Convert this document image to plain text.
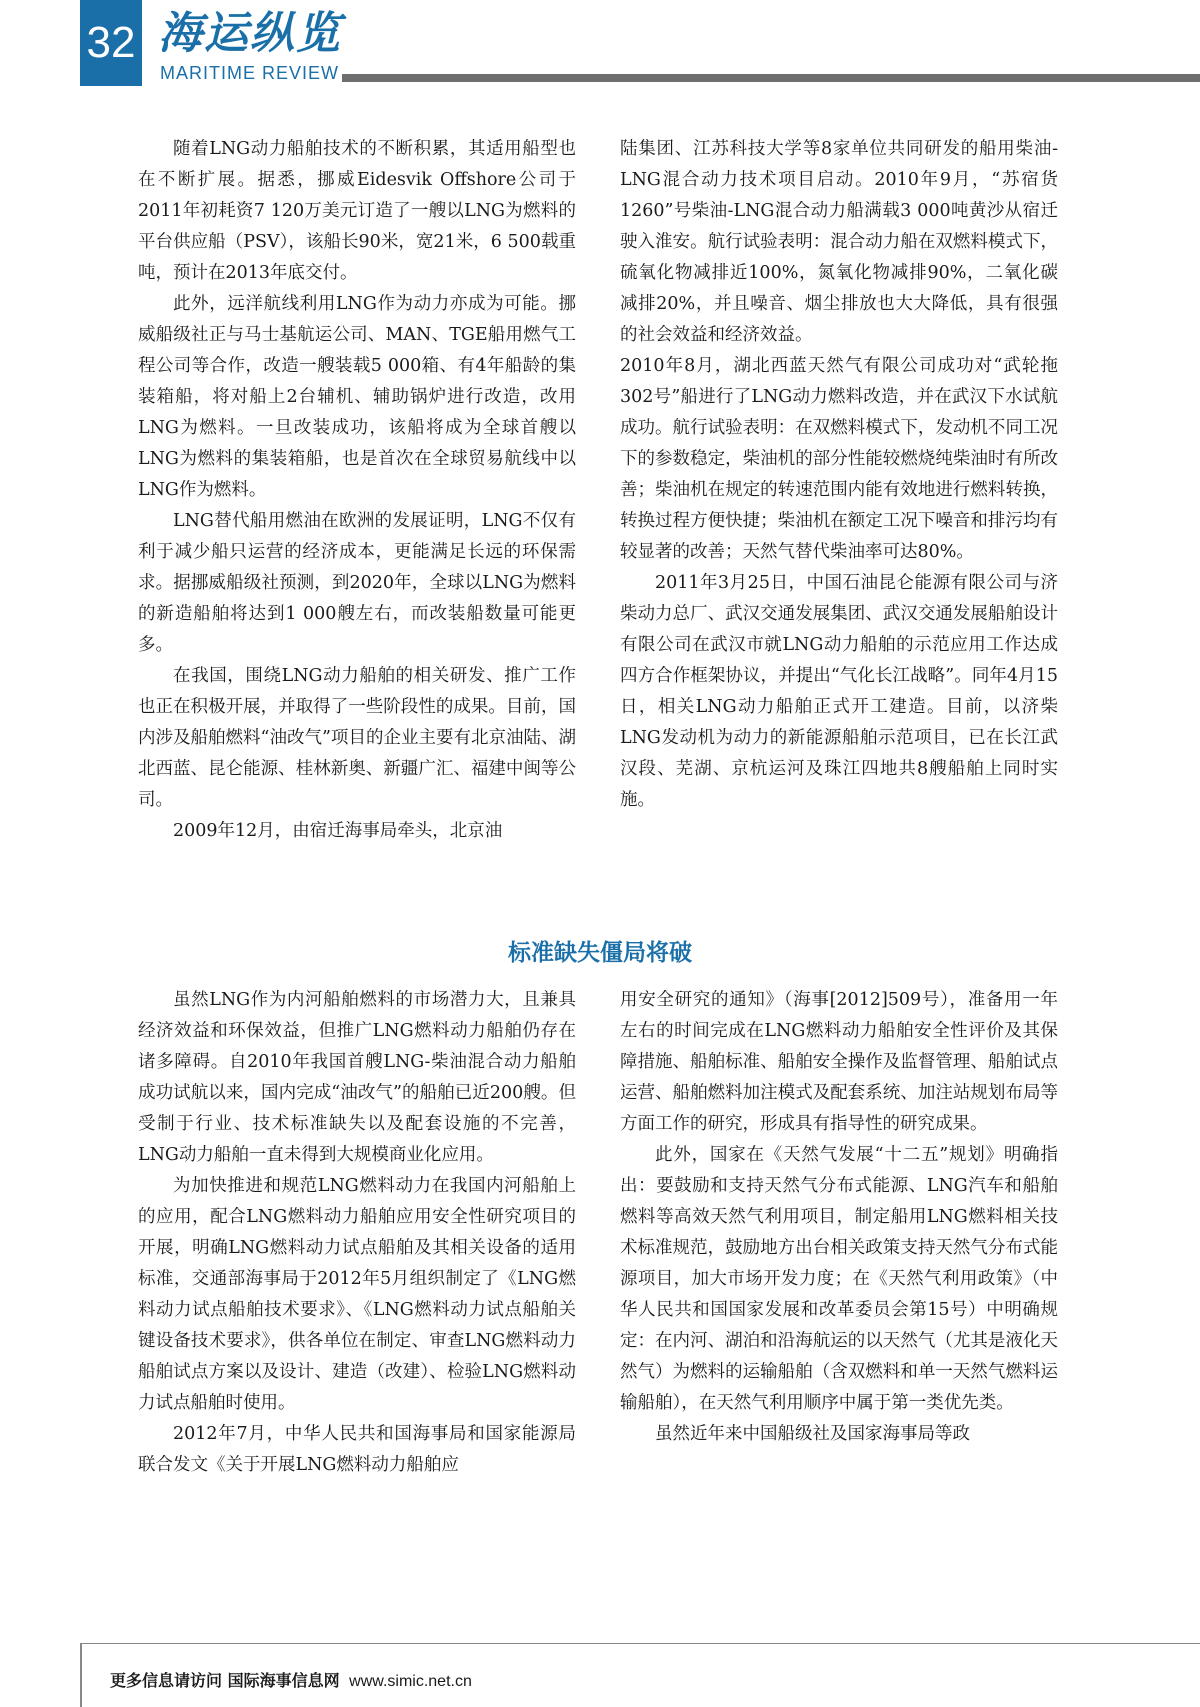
32 海运纵览
MARITIME REVIEW

随着LNG动力船舶技术的不断积累，其适用船型也在不断扩展。据悉，挪威Eidesvik Offshore公司于2011年初耗资7 120万美元订造了一艘以LNG为燃料的平台供应船（PSV），该船长90米，宽21米，6 500载重吨，预计在2013年底交付。

此外，远洋航线利用LNG作为动力亦成为可能。挪威船级社正与马士基航运公司、MAN、TGE船用燃气工程公司等合作，改造一艘装载5 000箱、有4年船龄的集装箱船，将对船上2台辅机、辅助锅炉进行改造，改用LNG为燃料。一旦改装成功，该船将成为全球首艘以LNG为燃料的集装箱船，也是首次在全球贸易航线中以LNG作为燃料。

LNG替代船用燃油在欧洲的发展证明，LNG不仅有利于减少船只运营的经济成本，更能满足长远的环保需求。据挪威船级社预测，到2020年，全球以LNG为燃料的新造船舶将达到1 000艘左右，而改装船数量可能更多。

在我国，围绕LNG动力船舶的相关研发、推广工作也正在积极开展，并取得了一些阶段性的成果。目前，国内涉及船舶燃料“油改气”项目的企业主要有北京油陆、湖北西蓝、昆仑能源、桂林新奥、新疆广汇、福建中闽等公司。

2009年12月，由宿迁海事局牵头，北京油

陆集团、江苏科技大学等8家单位共同研发的船用柴油-LNG混合动力技术项目启动。2010年9月，“苏宿货1260”号柴油-LNG混合动力船满载3 000吨黄沙从宿迁驶入淮安。航行试验表明：混合动力船在双燃料模式下，硫氧化物减排近100%，氮氧化物减排90%，二氧化碳减排20%，并且噪音、烟尘排放也大大降低，具有很强的社会效益和经济效益。

2010年8月，湖北西蓝天然气有限公司成功对“武轮拖302号”船进行了LNG动力燃料改造，并在武汉下水试航成功。航行试验表明：在双燃料模式下，发动机不同工况下的参数稳定，柴油机的部分性能较燃烧纯柴油时有所改善；柴油机在规定的转速范围内能有效地进行燃料转换，转换过程方便快捷；柴油机在额定工况下噪音和排污均有较显著的改善；天然气替代柴油率可达80%。

2011年3月25日，中国石油昆仑能源有限公司与济柴动力总厂、武汉交通发展集团、武汉交通发展船舶设计有限公司在武汉市就LNG动力船舶的示范应用工作达成四方合作框架协议，并提出“气化长江战略”。同年4月15日，相关LNG动力船舶正式开工建造。目前，以济柴LNG发动机为动力的新能源船舶示范项目，已在长江武汉段、芜湖、京杭运河及珠江四地共8艘船舶上同时实施。

标准缺失僵局将破

虽然LNG作为内河船舶燃料的市场潜力大，且兼具经济效益和环保效益，但推广LNG燃料动力船舶仍存在诸多障碍。自2010年我国首艘LNG-柴油混合动力船舶成功试航以来，国内完成“油改气”的船舶已近200艘。但受制于行业、技术标准缺失以及配套设施的不完善，LNG动力船舶一直未得到大规模商业化应用。

为加快推进和规范LNG燃料动力在我国内河船舶上的应用，配合LNG燃料动力船舶应用安全性研究项目的开展，明确LNG燃料动力试点船舶及其相关设备的适用标准，交通部海事局于2012年5月组织制定了《LNG燃料动力试点船舶技术要求》、《LNG燃料动力试点船舶关键设备技术要求》，供各单位在制定、审查LNG燃料动力船舶试点方案以及设计、建造（改建）、检验LNG燃料动力试点船舶时使用。

2012年7月，中华人民共和国海事局和国家能源局联合发文《关于开展LNG燃料动力船舶应

用安全研究的通知》（海事[2012]509号），准备用一年左右的时间完成在LNG燃料动力船舶安全性评价及其保障措施、船舶标准、船舶安全操作及监督管理、船舶试点运营、船舶燃料加注模式及配套系统、加注站规划布局等方面工作的研究，形成具有指导性的研究成果。

此外，国家在《天然气发展“十二五”规划》明确指出：要鼓励和支持天然气分布式能源、LNG汽车和船舶燃料等高效天然气利用项目，制定船用LNG燃料相关技术标准规范，鼓励地方出台相关政策支持天然气分布式能源项目，加大市场开发力度；在《天然气利用政策》（中华人民共和国国家发展和改革委员会第15号）中明确规定：在内河、湖泊和沿海航运的以天然气（尤其是液化天然气）为燃料的运输船舶（含双燃料和单一天然气燃料运输船舶），在天然气利用顺序中属于第一类优先类。

虽然近年来中国船级社及国家海事局等政

更多信息请访问 国际海事信息网 www.simic.net.cn
